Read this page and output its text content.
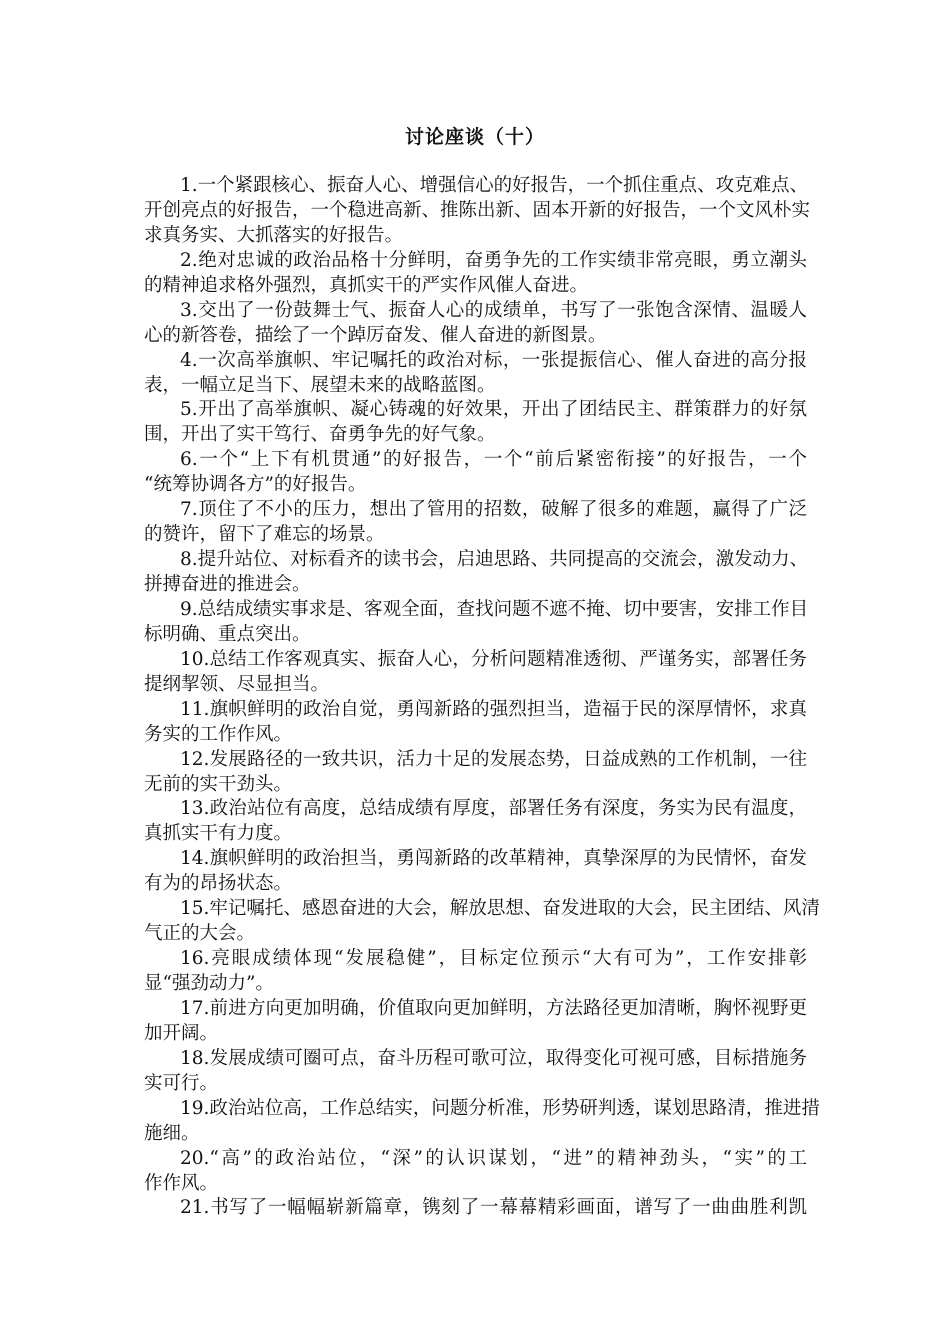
讨论座谈（十）
1.一个紧跟核心、振奋人心、增强信心的好报告，一个抓住重点、攻克难点、
开创亮点的好报告，一个稳进高新、推陈出新、固本开新的好报告，一个文风朴实
求真务实、大抓落实的好报告。
2.绝对忠诚的政治品格十分鲜明，奋勇争先的工作实绩非常亮眼，勇立潮头
的精神追求格外强烈，真抓实干的严实作风催人奋进。
3.交出了一份鼓舞士气、振奋人心的成绩单，书写了一张饱含深情、温暖人
心的新答卷，描绘了一个踔厉奋发、催人奋进的新图景。
4.一次高举旗帜、牢记嘱托的政治对标，一张提振信心、催人奋进的高分报
表，一幅立足当下、展望未来的战略蓝图。
5.开出了高举旗帜、凝心铸魂的好效果，开出了团结民主、群策群力的好氛
围，开出了实干笃行、奋勇争先的好气象。
6.一个“上下有机贯通”的好报告，一个“前后紧密衔接”的好报告，一个
“统筹协调各方”的好报告。
7.顶住了不小的压力，想出了管用的招数，破解了很多的难题，赢得了广泛
的赞许，留下了难忘的场景。
8.提升站位、对标看齐的读书会，启迪思路、共同提高的交流会，激发动力、
拼搏奋进的推进会。
9.总结成绩实事求是、客观全面，查找问题不遮不掩、切中要害，安排工作目
标明确、重点突出。
10.总结工作客观真实、振奋人心，分析问题精准透彻、严谨务实，部署任务
提纲挈领、尽显担当。
11.旗帜鲜明的政治自觉，勇闯新路的强烈担当，造福于民的深厚情怀，求真
务实的工作作风。
12.发展路径的一致共识，活力十足的发展态势，日益成熟的工作机制，一往
无前的实干劲头。
13.政治站位有高度，总结成绩有厚度，部署任务有深度，务实为民有温度，
真抓实干有力度。
14.旗帜鲜明的政治担当，勇闯新路的改革精神，真挚深厚的为民情怀，奋发
有为的昂扬状态。
15.牢记嘱托、感恩奋进的大会，解放思想、奋发进取的大会，民主团结、风清
气正的大会。
16.亮眼成绩体现“发展稳健”，目标定位预示“大有可为”，工作安排彰
显“强劲动力”。
17.前进方向更加明确，价值取向更加鲜明，方法路径更加清晰，胸怀视野更
加开阔。
18.发展成绩可圈可点，奋斗历程可歌可泣，取得变化可视可感，目标措施务
实可行。
19.政治站位高，工作总结实，问题分析准，形势研判透，谋划思路清，推进措
施细。
20.“高”的政治站位，“深”的认识谋划，“进”的精神劲头，“实”的工
作作风。
21.书写了一幅幅崭新篇章，镌刻了一幕幕精彩画面，谱写了一曲曲胜利凯
